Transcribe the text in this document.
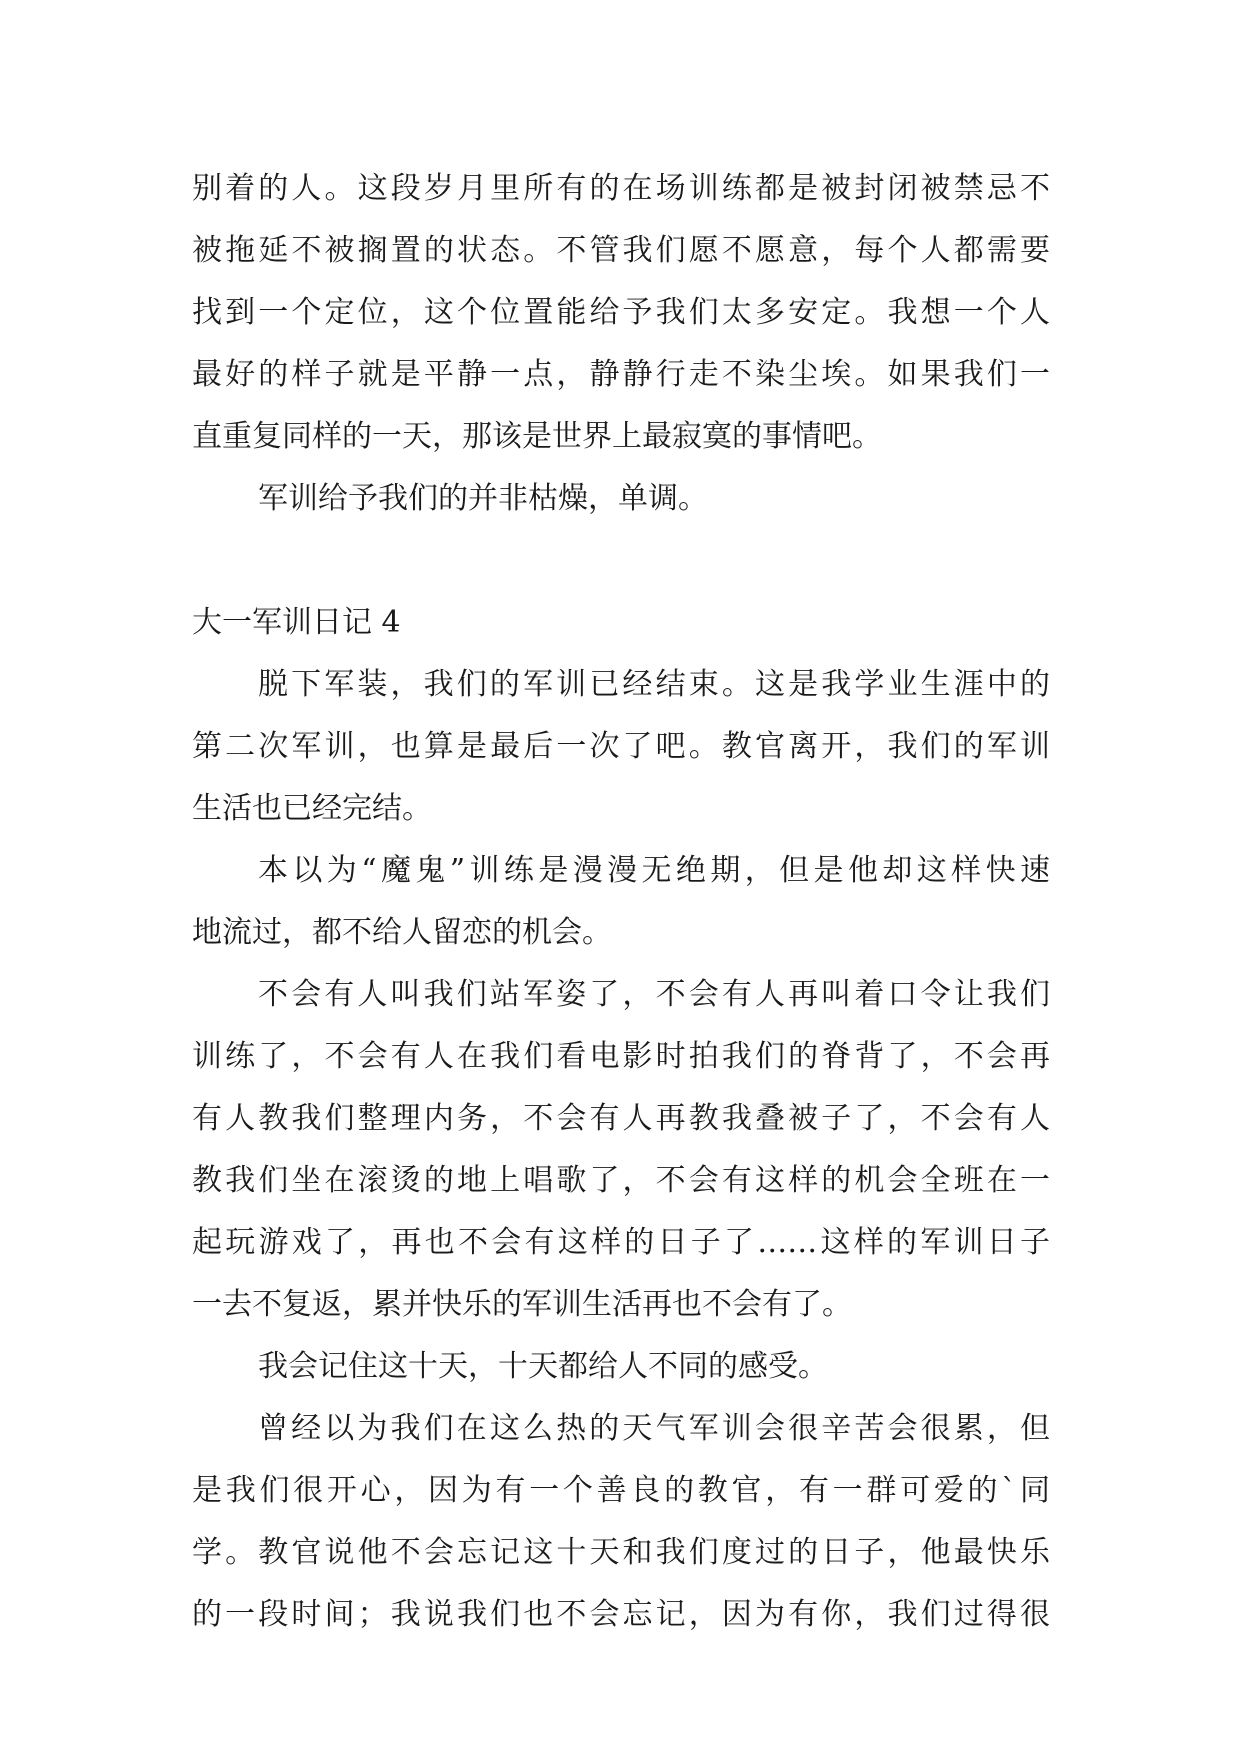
别着的人。这段岁月里所有的在场训练都是被封闭被禁忌不
被拖延不被搁置的状态。不管我们愿不愿意，每个人都需要
找到一个定位，这个位置能给予我们太多安定。我想一个人
最好的样子就是平静一点，静静行走不染尘埃。如果我们一
直重复同样的一天，那该是世界上最寂寞的事情吧。
军训给予我们的并非枯燥，单调。
大一军训日记 4
脱下军装，我们的军训已经结束。这是我学业生涯中的
第二次军训，也算是最后一次了吧。教官离开，我们的军训
生活也已经完结。
本以为“魔鬼”训练是漫漫无绝期，但是他却这样快速
地流过，都不给人留恋的机会。
不会有人叫我们站军姿了，不会有人再叫着口令让我们
训练了，不会有人在我们看电影时拍我们的脊背了，不会再
有人教我们整理内务，不会有人再教我叠被子了，不会有人
教我们坐在滚烫的地上唱歌了，不会有这样的机会全班在一
起玩游戏了，再也不会有这样的日子了……这样的军训日子
一去不复返，累并快乐的军训生活再也不会有了。
我会记住这十天，十天都给人不同的感受。
曾经以为我们在这么热的天气军训会很辛苦会很累，但
是我们很开心，因为有一个善良的教官，有一群可爱的`同
学。教官说他不会忘记这十天和我们度过的日子，他最快乐
的一段时间；我说我们也不会忘记，因为有你，我们过得很
